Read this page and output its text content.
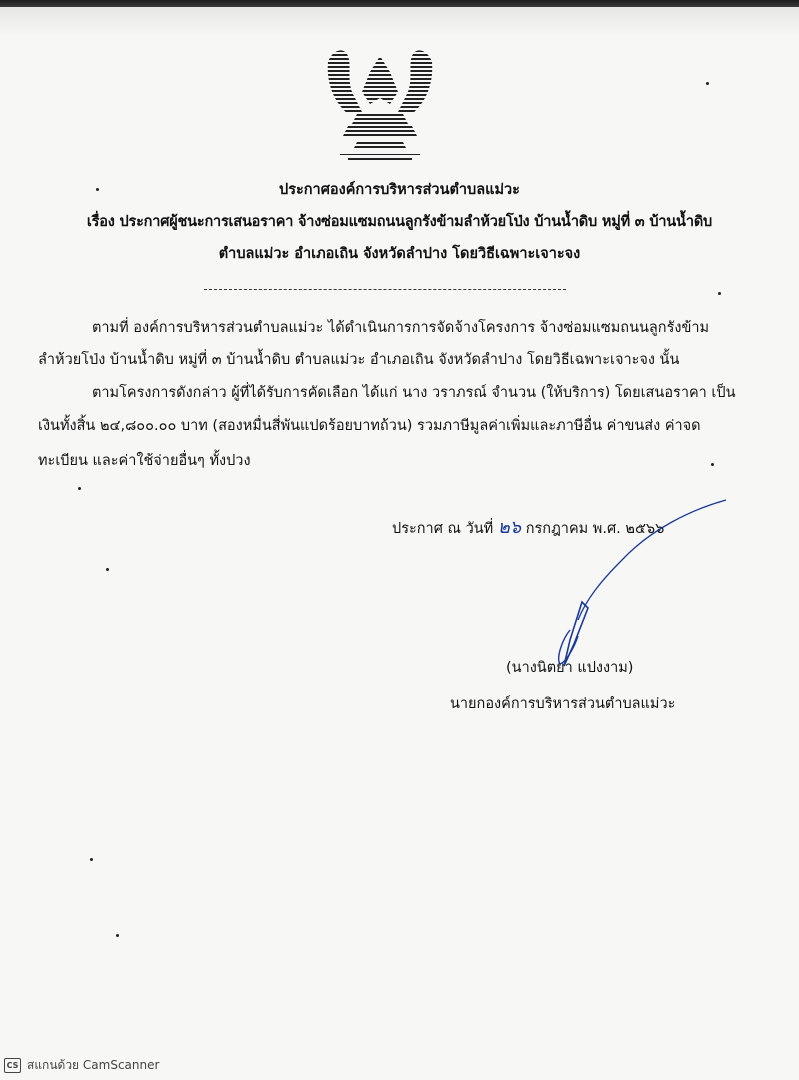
ประกาศองค์การบริหารส่วนตำบลแม่วะ
เรื่อง ประกาศผู้ชนะการเสนอราคา จ้างซ่อมแซมถนนลูกรังข้ามลำห้วยโป่ง บ้านน้ำดิบ หมู่ที่ ๓ บ้านน้ำดิบ
ตำบลแม่วะ อำเภอเถิน จังหวัดลำปาง โดยวิธีเฉพาะเจาะจง
ตามที่ องค์การบริหารส่วนตำบลแม่วะ ได้ดำเนินการการจัดจ้างโครงการ จ้างซ่อมแซมถนนลูกรังข้าม
ลำห้วยโป่ง บ้านน้ำดิบ หมู่ที่ ๓ บ้านน้ำดิบ ตำบลแม่วะ อำเภอเถิน จังหวัดลำปาง โดยวิธีเฉพาะเจาะจง นั้น
ตามโครงการดังกล่าว ผู้ที่ได้รับการคัดเลือก ได้แก่ นาง วราภรณ์ จำนวน (ให้บริการ) โดยเสนอราคา เป็น
เงินทั้งสิ้น ๒๔,๘๐๐.๐๐ บาท (สองหมื่นสี่พันแปดร้อยบาทถ้วน) รวมภาษีมูลค่าเพิ่มและภาษีอื่น ค่าขนส่ง ค่าจด
ทะเบียน และค่าใช้จ่ายอื่นๆ ทั้งปวง
ประกาศ ณ วันที่ ๒๖ กรกฎาคม พ.ศ. ๒๕๖๖
(นางนิตยา แปงงาม)
นายกองค์การบริหารส่วนตำบลแม่วะ
CS สแกนด้วย CamScanner
